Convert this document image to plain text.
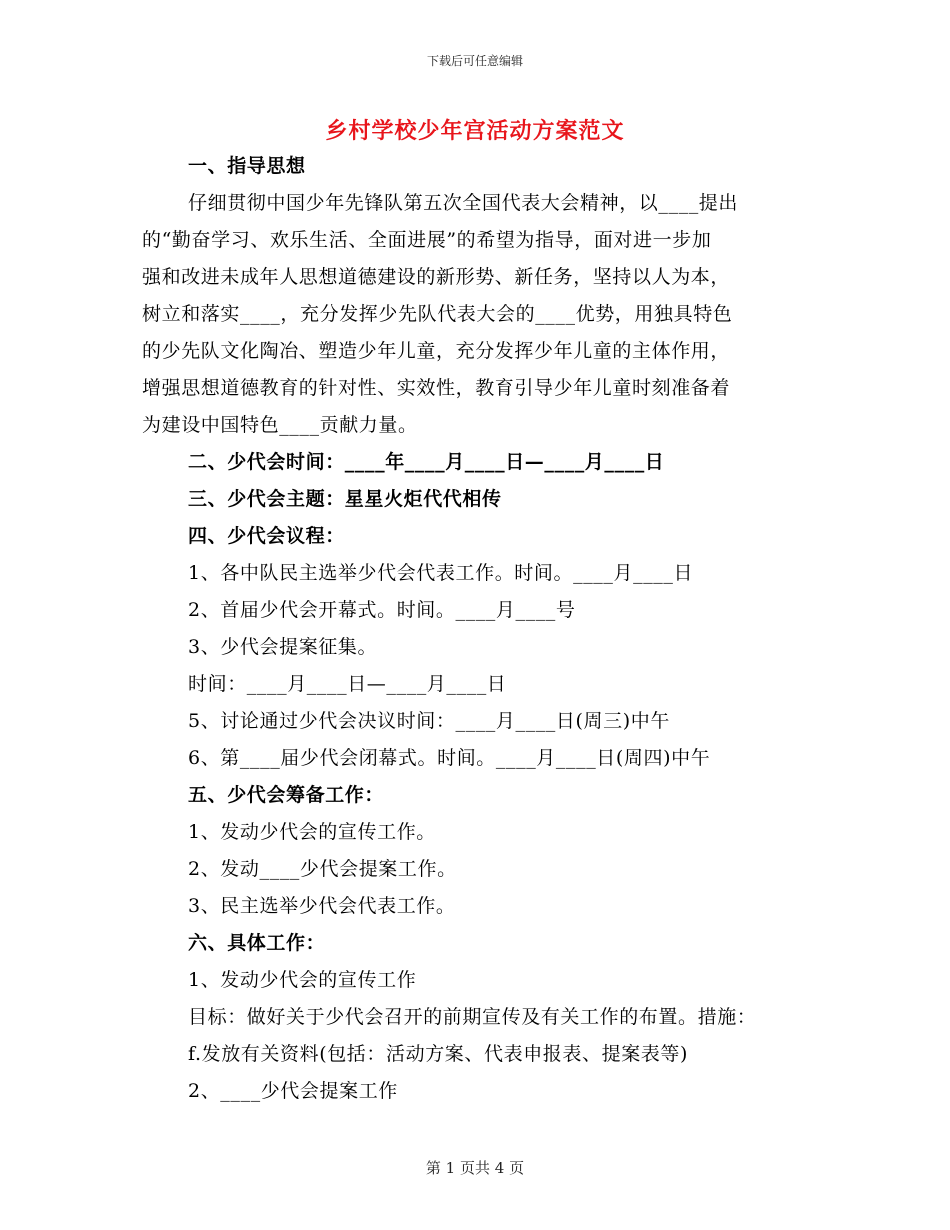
下载后可任意编辑
乡村学校少年宫活动方案范文
一、指导思想
仔细贯彻中国少年先锋队第五次全国代表大会精神，以____提出
的“勤奋学习、欢乐生活、全面进展”的希望为指导，面对进一步加
强和改进未成年人思想道德建设的新形势、新任务，坚持以人为本，
树立和落实____，充分发挥少先队代表大会的____优势，用独具特色
的少先队文化陶冶、塑造少年儿童，充分发挥少年儿童的主体作用，
增强思想道德教育的针对性、实效性，教育引导少年儿童时刻准备着
为建设中国特色____贡献力量。
二、少代会时间：____年____月____日—____月____日
三、少代会主题：星星火炬代代相传
四、少代会议程：
1、各中队民主选举少代会代表工作。时间。____月____日
2、首届少代会开幕式。时间。____月____号
3、少代会提案征集。
时间：____月____日—____月____日
5、讨论通过少代会决议时间：____月____日(周三)中午
6、第____届少代会闭幕式。时间。____月____日(周四)中午
五、少代会筹备工作：
1、发动少代会的宣传工作。
2、发动____少代会提案工作。
3、民主选举少代会代表工作。
六、具体工作：
1、发动少代会的宣传工作
目标：做好关于少代会召开的前期宣传及有关工作的布置。措施：
f.发放有关资料(包括：活动方案、代表申报表、提案表等)
2、____少代会提案工作
第 1 页共 4 页
